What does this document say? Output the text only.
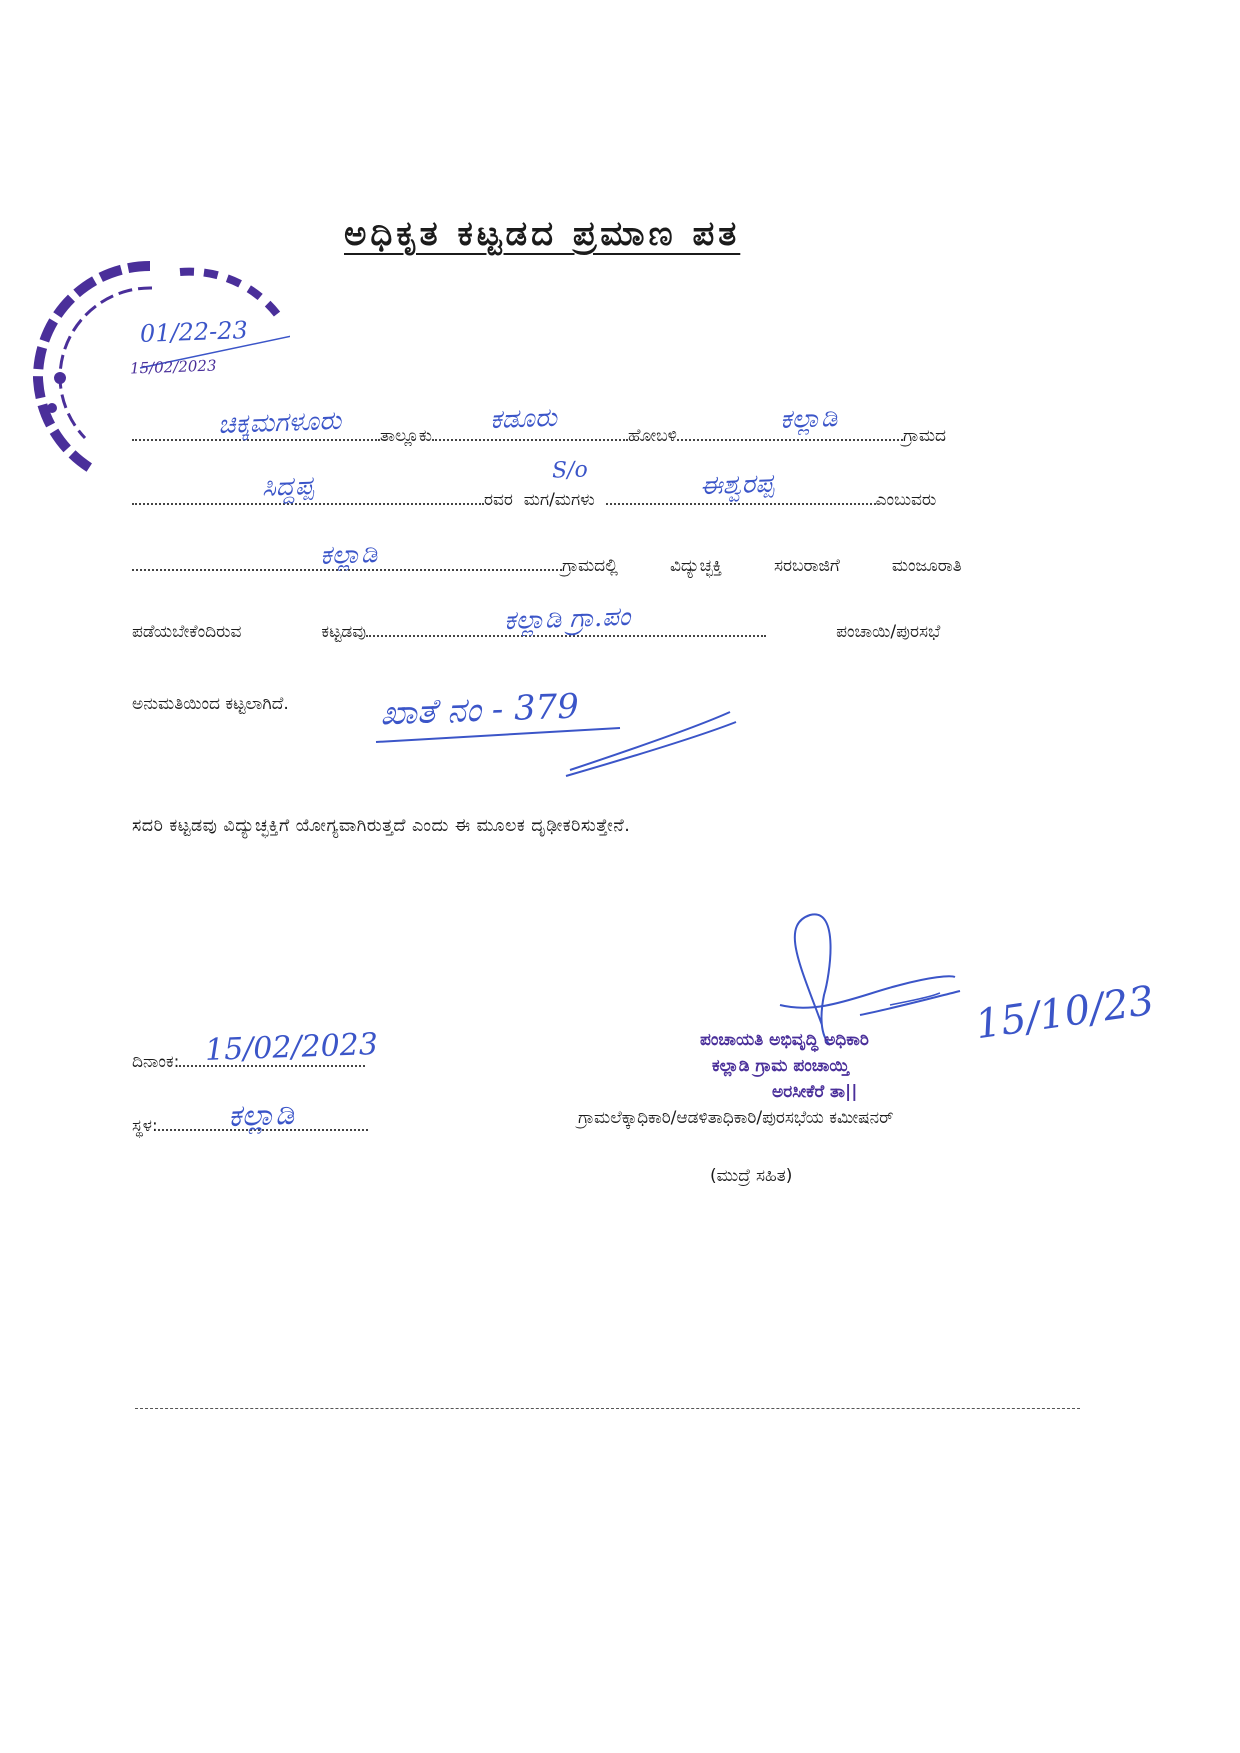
01/22-23
15/02/2023
ಅಧಿಕೃತ ಕಟ್ಟಡದ ಪ್ರಮಾಣ ಪತ
ತಾಲ್ಲೂಕು	ಹೋಬಳಿ	ಗ್ರಾಮದ
ಚಿಕ್ಕಮಗಳೂರು	ಕಡೂರು	ಕಲ್ಲಾಡಿ
ರವರ ಮಗ/ಮಗಳು	ಎಂಬುವರು
ಸಿದ್ದಪ್ಪ
S/o	ಈಶ್ವರಪ್ಪ
ಗ್ರಾಮದಲ್ಲಿ	ವಿದ್ಯುಚ್ಛಕ್ತಿ	ಸರಬರಾಜಿಗೆ	ಮಂಜೂರಾತಿ
ಕಲ್ಲಾಡಿ
ಪಡೆಯಬೇಕೆಂದಿರುವ	ಕಟ್ಟಡವು	ಪಂಚಾಯಿ/ಪುರಸಭೆ
ಕಲ್ಲಾಡಿ ಗ್ರಾ.ಪಂ
ಅನುಮತಿಯಿಂದ ಕಟ್ಟಲಾಗಿದೆ.	ಖಾತೆ ನಂ - 379
ಸದರಿ ಕಟ್ಟಡವು ವಿದ್ಯುಚ್ಛಕ್ತಿಗೆ ಯೋಗ್ಯವಾಗಿರುತ್ತದೆ ಎಂದು ಈ ಮೂಲಕ ದೃಢೀಕರಿಸುತ್ತೇನೆ.
15/10/23
ಪಂಚಾಯತಿ ಅಭಿವೃದ್ಧಿ ಅಧಿಕಾರಿ
ಕಲ್ಲಾಡಿ ಗ್ರಾಮ ಪಂಚಾಯ್ತಿ
ಅರಸೀಕೆರೆ ತಾ||
ದಿನಾಂಕ: 15/02/2023
ಸ್ಥಳ:	ಕಲ್ಲಾಡಿ	ಗ್ರಾಮಲೆಕ್ಕಾಧಿಕಾರಿ/ಆಡಳಿತಾಧಿಕಾರಿ/ಪುರಸಭೆಯ ಕಮೀಷನರ್
(ಮುದ್ರೆ ಸಹಿತ)
